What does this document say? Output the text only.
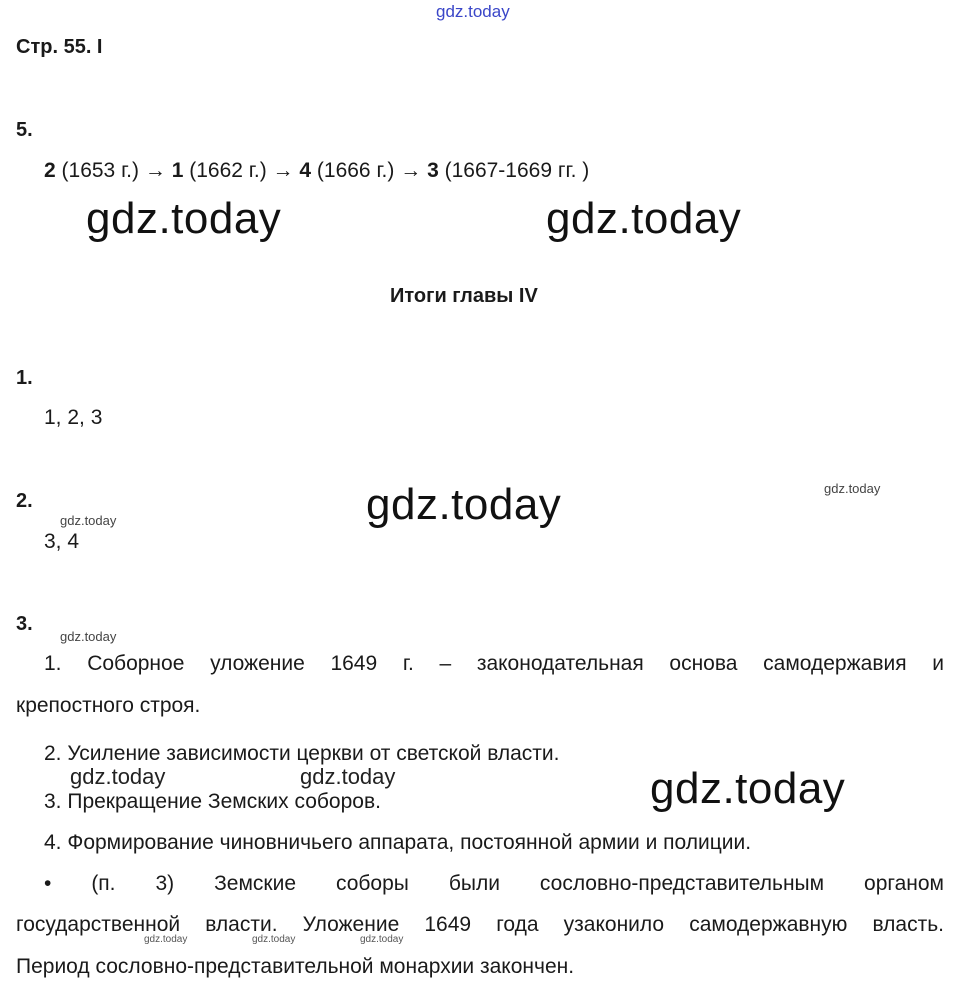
gdz.today
Стр. 55. I
5.
2 (1653 г.) → 1 (1662 г.) → 4 (1666 г.) → 3 (1667-1669 гг. )
gdz.today	gdz.today
Итоги главы IV
1.
1, 2, 3
2.
gdz.today
3, 4
gdz.today	gdz.today
3.
gdz.today
1. Соборное уложение 1649 г. – законодательная основа самодержавия и
крепостного строя.
2. Усиление зависимости церкви от светской власти.
gdz.today	gdz.today	gdz.today
3. Прекращение Земских соборов.
4. Формирование чиновничьего аппарата, постоянной армии и полиции.
• (п. 3) Земские соборы были сословно-представительным органом
государственной власти. Уложение 1649 года узаконило самодержавную власть.
gdz.today	gdz.today	gdz.today
Период сословно-представительной монархии закончен.
